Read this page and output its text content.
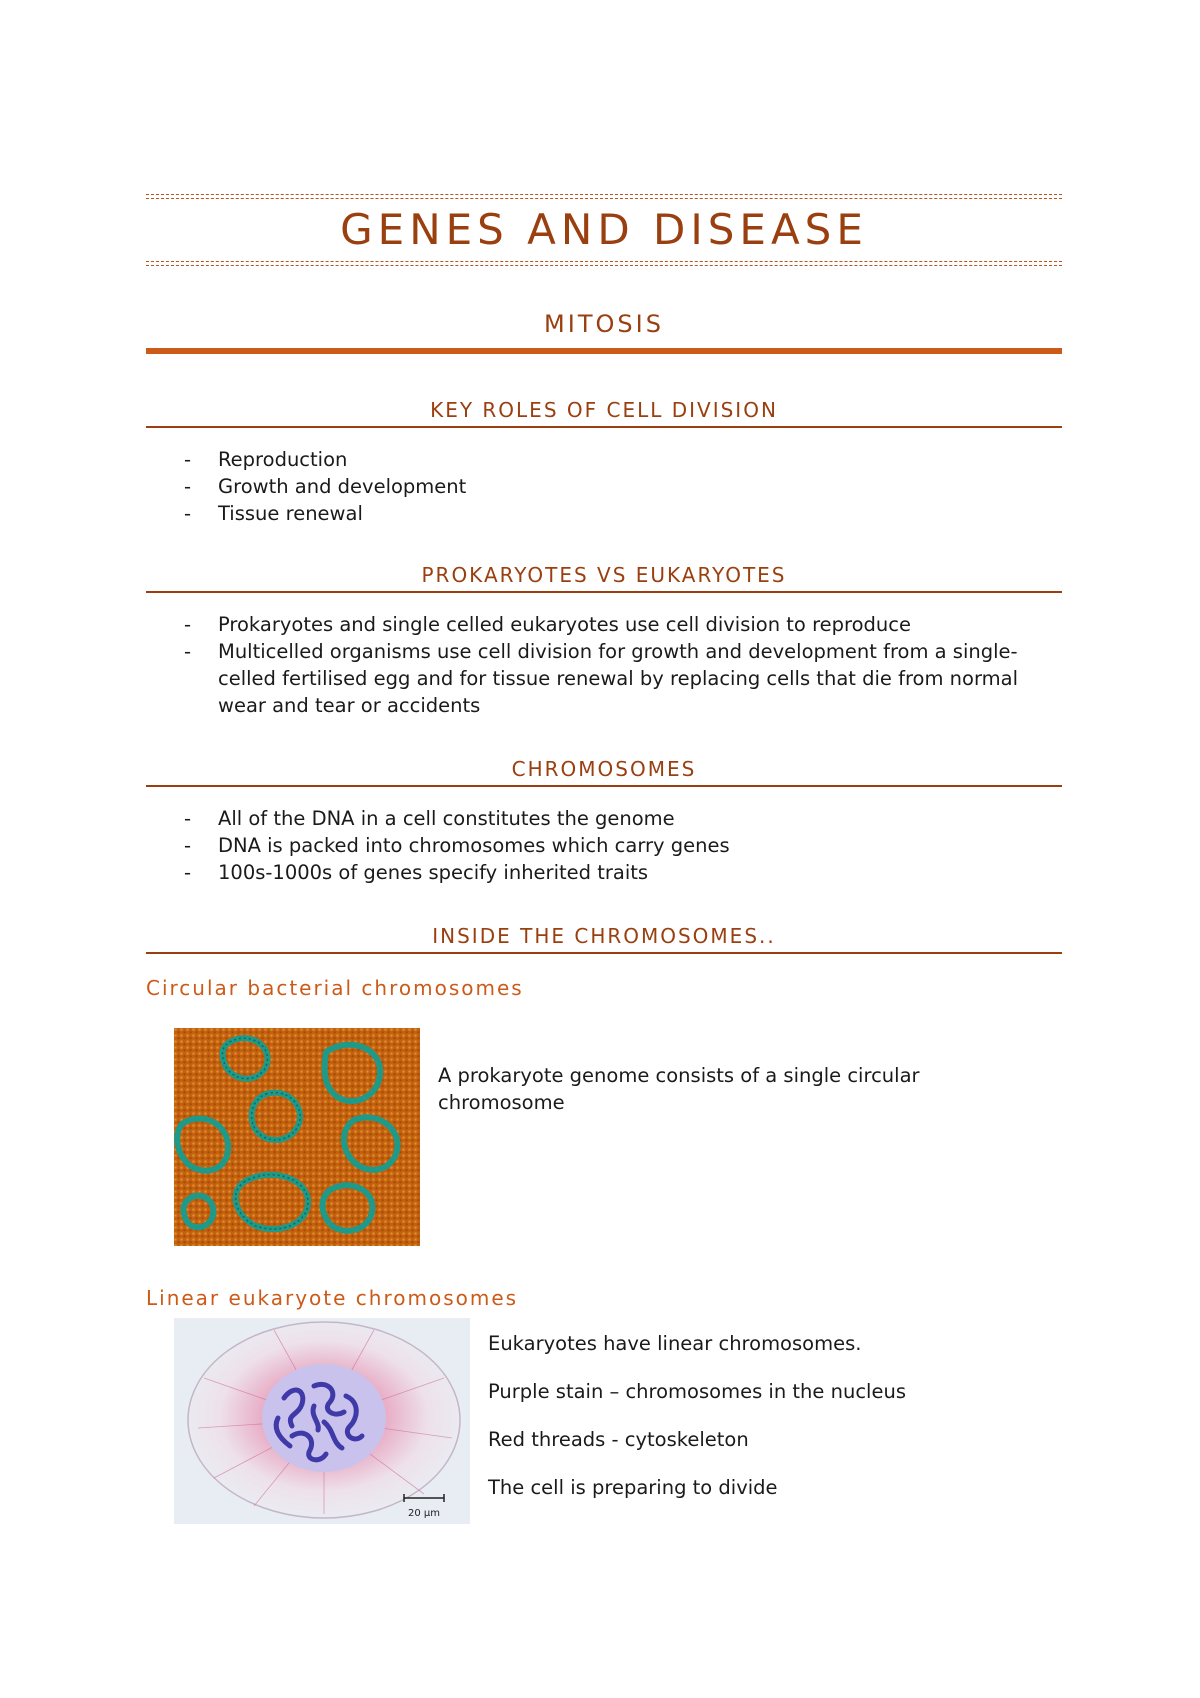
GENES AND DISEASE
MITOSIS
KEY ROLES OF CELL DIVISION
- Reproduction
- Growth and development
- Tissue renewal
PROKARYOTES VS EUKARYOTES
- Prokaryotes and single celled eukaryotes use cell division to reproduce
- Multicelled organisms use cell division for growth and development from a single-celled fertilised egg and for tissue renewal by replacing cells that die from normal wear and tear or accidents
CHROMOSOMES
- All of the DNA in a cell constitutes the genome
- DNA is packed into chromosomes which carry genes
- 100s-1000s of genes specify inherited traits
INSIDE THE CHROMOSOMES..
Circular bacterial chromosomes
A prokaryote genome consists of a single circular chromosome
Linear eukaryote chromosomes
20 µm
Eukaryotes have linear chromosomes.
Purple stain – chromosomes in the nucleus
Red threads - cytoskeleton
The cell is preparing to divide
